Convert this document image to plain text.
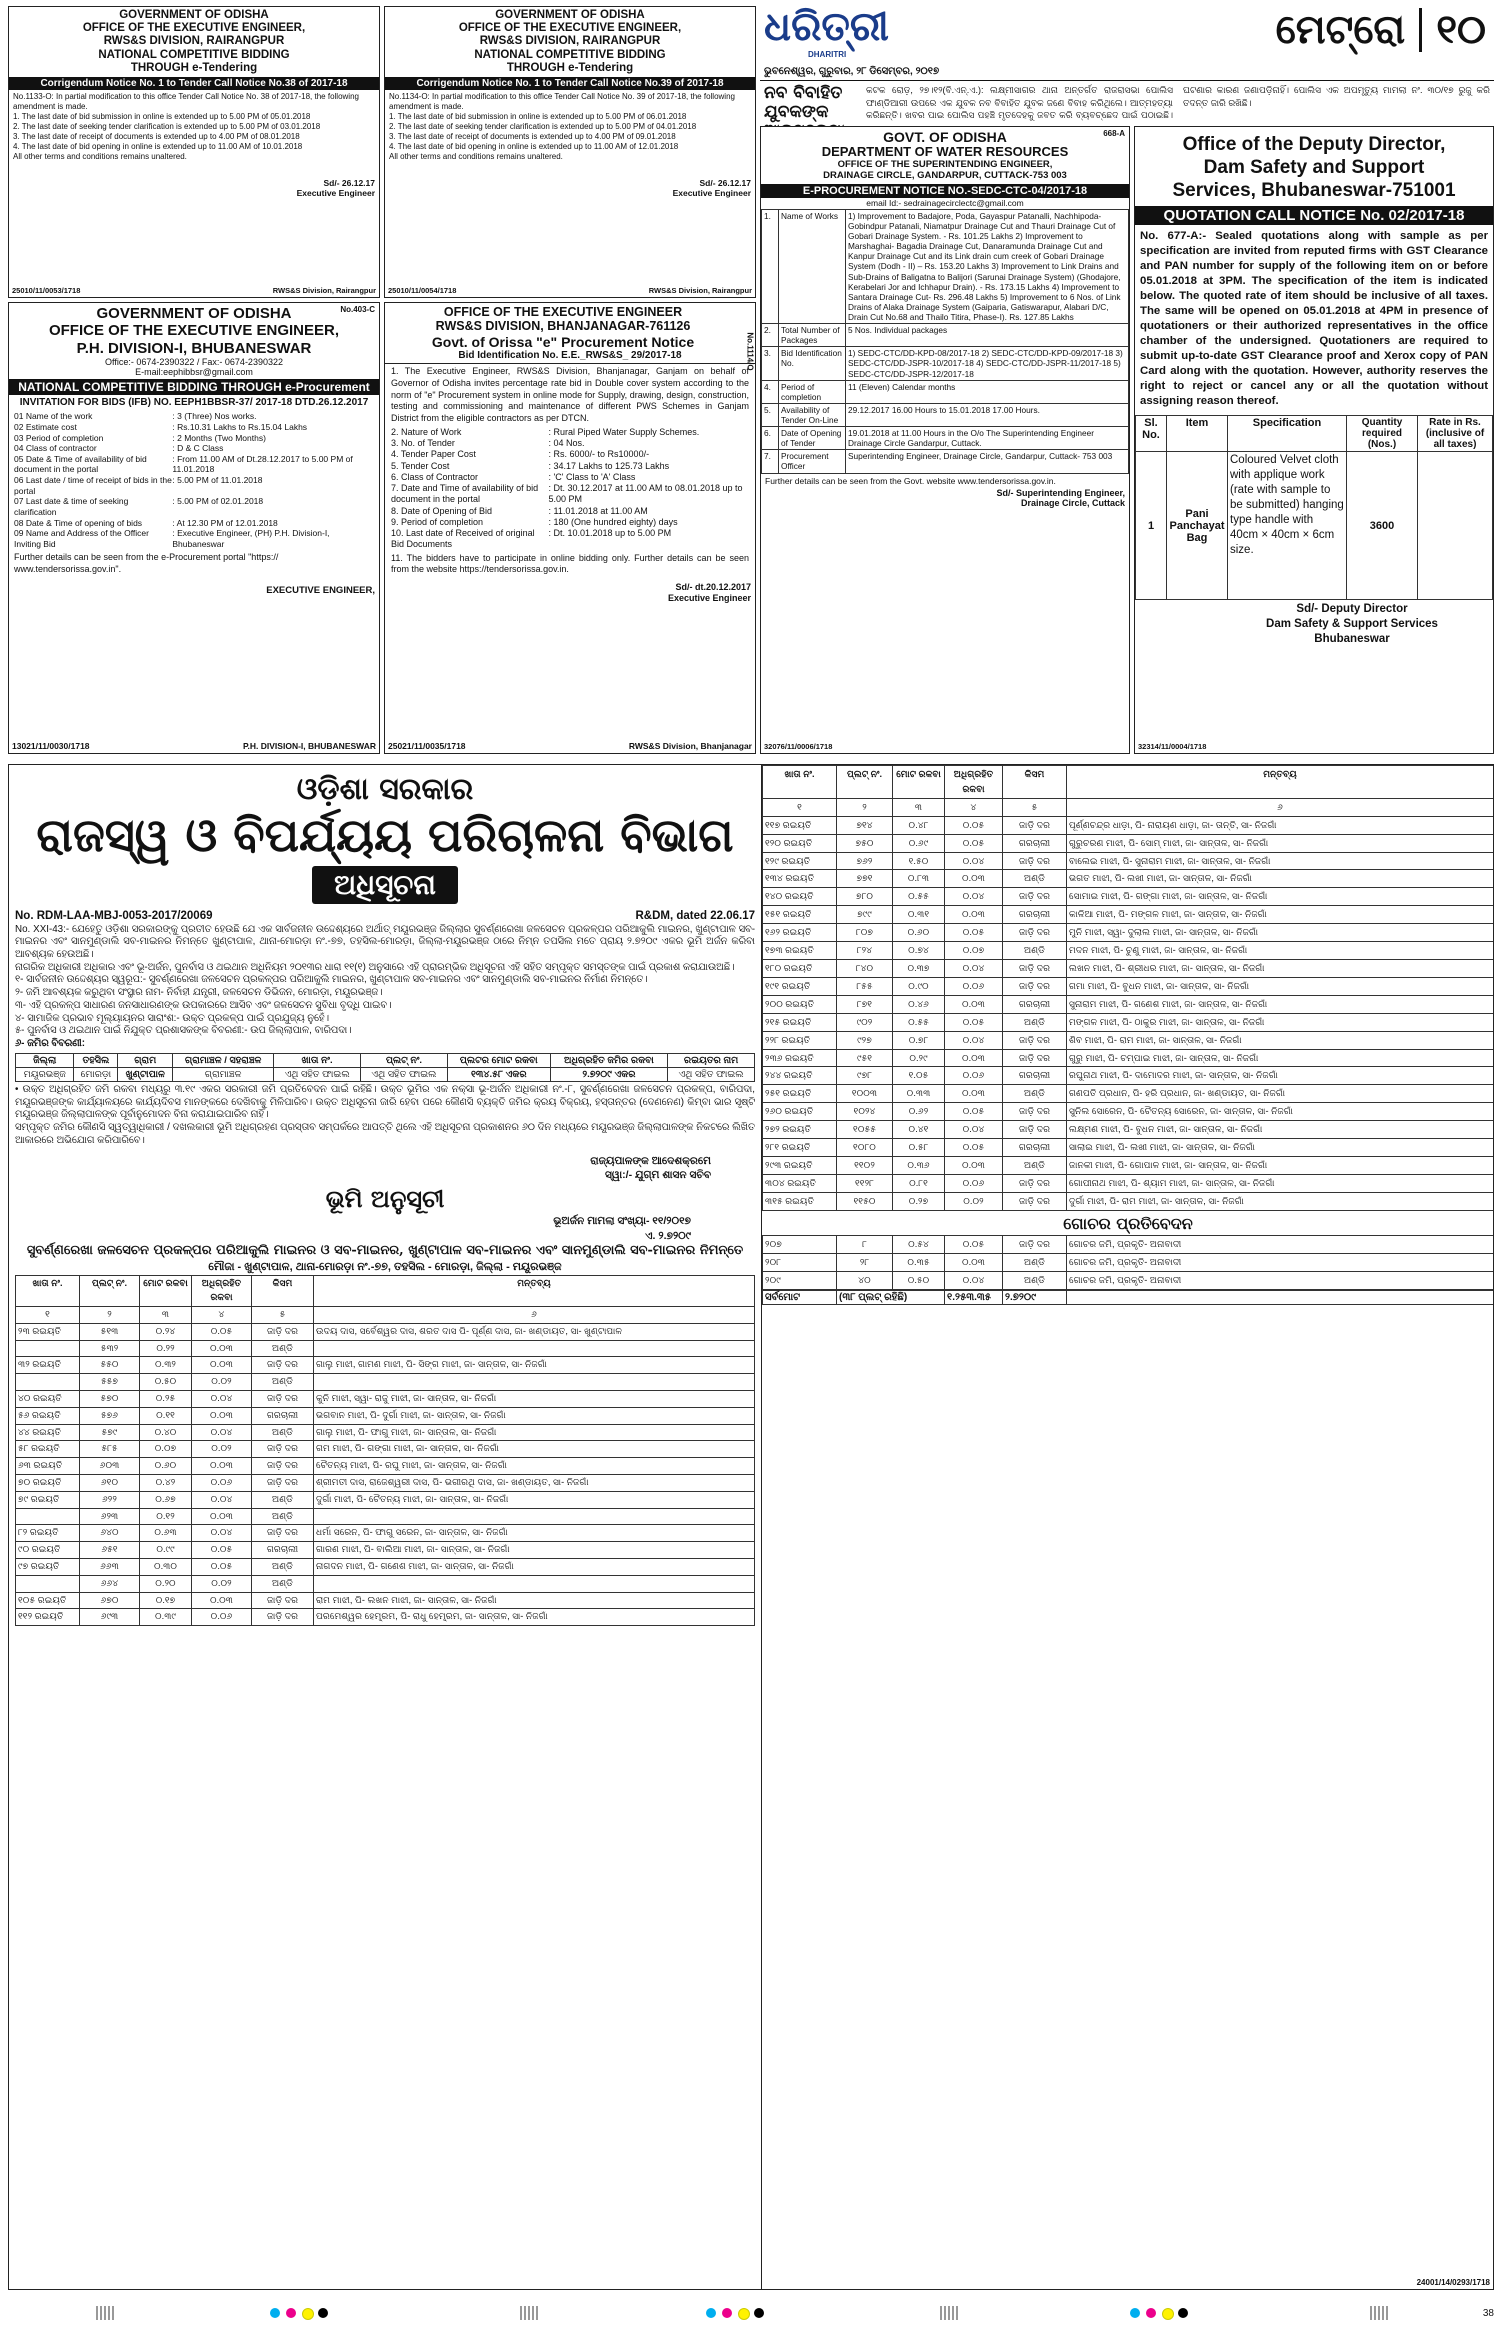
GOVERNMENT OF ODISHA
OFFICE OF THE EXECUTIVE ENGINEER,
RWS&S DIVISION, RAIRANGPUR
NATIONAL COMPETITIVE BIDDING
THROUGH e-Tendering
Corrigendum Notice No. 1 to Tender Call Notice No.38 of 2017-18
No.1133-O: In partial modification to this office Tender Call Notice No. 38 of 2017-18, the following amendment is made.
1. The last date of bid submission in online is extended up to 5.00 PM of 05.01.2018
2. The last date of seeking tender clarification is extended up to 5.00 PM of 03.01.2018
3. The last date of receipt of documents is extended up to 4.00 PM of 08.01.2018
4. The last date of bid opening in online is extended up to 11.00 AM of 10.01.2018
All other terms and conditions remains unaltered.
Sd/- 26.12.17
Executive Engineer
25010/11/0053/1718	RWS&S Division, Rairangpur
GOVERNMENT OF ODISHA
OFFICE OF THE EXECUTIVE ENGINEER,
RWS&S DIVISION, RAIRANGPUR
NATIONAL COMPETITIVE BIDDING
THROUGH e-Tendering
Corrigendum Notice No. 1 to Tender Call Notice No.39 of 2017-18
No.1134-O: In partial modification to this office Tender Call Notice No. 39 of 2017-18, the following amendment is made.
1. The last date of bid submission in online is extended up to 5.00 PM of 06.01.2018
2. The last date of seeking tender clarification is extended up to 5.00 PM of 04.01.2018
3. The last date of receipt of documents is extended up to 4.00 PM of 09.01.2018
4. The last date of bid opening in online is extended up to 11.00 AM of 12.01.2018
All other terms and conditions remains unaltered.
Sd/- 26.12.17
Executive Engineer
25010/11/0054/1718	RWS&S Division, Rairangpur
ଧରିତ୍ରୀ
DHARITRI
ମେଟ୍ରୋ ୧୦
ଭୁବନେଶ୍ୱର, ଗୁରୁବାର, ୨୮ ଡିସେମ୍ବର, ୨୦୧୭
ନବ ବିବାହିତ ଯୁବକଙ୍କ
କଟକ ରୋଡ଼, ୨୭।୧୨(ବି.ଏନ୍.ଏ.): ଲକ୍ଷ୍ମୀସାଗର ଥାନା ଅନ୍ତର୍ଗତ ରାଜରାସଭା ପୋଲିସ ଫାଣ୍ଡିଆରୀ ଉପରେ ଏକ ଯୁବକ ନବ ବିବାହିତ ଯୁବକ ଜଣେ ବିବାହ କରିଥିଲେ। ଆତ୍ମହତ୍ୟା କରିଛନ୍ତି। ଖବର ପାଇ ପୋଲିସ ପହଞ୍ଚି ମୃତଦେହକୁ ଜବତ କରି ବ୍ୟବଚ୍ଛେଦ ପାଇଁ ପଠାଇଛି। ଘଟଣାର କାରଣ ଜଣାପଡ଼ିନାହିଁ। ପୋଲିସ ଏକ ଅପମୃତ୍ୟୁ ମାମଲା ନଂ. ୩୦/୧୭ ରୁଜୁ କରି ତଦନ୍ତ ଜାରି ରଖିଛି।
No.403-C
GOVERNMENT OF ODISHA
OFFICE OF THE EXECUTIVE ENGINEER,
P.H. DIVISION-I, BHUBANESWAR
Office:- 0674-2390322 / Fax:- 0674-2390322
E-mail:eephibbsr@gmail.com
NATIONAL COMPETITIVE BIDDING THROUGH e-Procurement
INVITATION FOR BIDS (IFB) NO. EEPH1BBSR-37/ 2017-18 DTD.26.12.2017
01 Name of the work	: 3 (Three) Nos works.
02 Estimate cost	: Rs.10.31 Lakhs to Rs.15.04 Lakhs
03 Period of completion	: 2 Months (Two Months)
04 Class of contractor	: D & C Class
05 Date & Time of availability of bid document in the portal
: From 11.00 AM of Dt.28.12.2017 to 5.00 PM of 11.01.2018
06 Last date / time of receipt of bids in the portal
: 5.00 PM of 11.01.2018
07 Last date & time of seeking clarification
: 5.00 PM of 02.01.2018
08 Date & Time of opening of bids	: At 12.30 PM of 12.01.2018
09 Name and Address of the Officer Inviting Bid
: Executive Engineer, (PH) P.H. Division-I, Bhubaneswar
Further details can be seen from the e-Procurement portal "https:// www.tendersorissa.gov.in".
EXECUTIVE ENGINEER,
13021/11/0030/1718	P.H. DIVISION-I, BHUBANESWAR
OFFICE OF THE EXECUTIVE ENGINEER
RWS&S DIVISION, BHANJANAGAR-761126
Govt. of Orissa "e" Procurement Notice	No.1114/O
Bid Identification No. E.E._RWS&S_ 29/2017-18
1. The Executive Engineer, RWS&S Division, Bhanjanagar, Ganjam on behalf of Governor of Odisha invites percentage rate bid in Double cover system according to the norm of "e" Procurement system in online mode for Supply, drawing, design, construction, testing and commissioning and maintenance of different PWS Schemes in Ganjam District from the eligible contractors as per DTCN.
2. Nature of Work	: Rural Piped Water Supply Schemes.
3. No. of Tender	: 04 Nos.
4. Tender Paper Cost	: Rs. 6000/- to Rs10000/-
5. Tender Cost	: 34.17 Lakhs to 125.73 Lakhs
6. Class of Contractor	: 'C' Class to 'A' Class
7. Date and Time of availability of bid document in the portal
: Dt. 30.12.2017 at 11.00 AM to 08.01.2018 up to 5.00 PM
8. Date of Opening of Bid	: 11.01.2018 at 11.00 AM
9. Period of completion	: 180 (One hundred eighty) days
10. Last date of Received of original Bid Documents
: Dt. 10.01.2018 up to 5.00 PM
11. The bidders have to participate in online bidding only. Further details can be seen from the website https://tendersorissa.gov.in.
Sd/- dt.20.12.2017
Executive Engineer
25021/11/0035/1718	RWS&S Division, Bhanjanagar
668-A
GOVT. OF ODISHA
DEPARTMENT OF WATER RESOURCES
OFFICE OF THE SUPERINTENDING ENGINEER,
DRAINAGE CIRCLE, GANDARPUR, CUTTACK-753 003
E-PROCUREMENT NOTICE NO.-SEDC-CTC-04/2017-18
email Id:- sedrainagecirclectc@gmail.com
1.	Name of Works	1) Improvement to Badajore, Poda, Gayaspur Patanalli, Nachhipoda-Gobindpur Patanali, Niamatpur Drainage Cut and Thauri Drainage Cut of Gobari Drainage System. - Rs. 101.25 Lakhs 2) Improvement to Marshaghai- Bagadia Drainage Cut, Danaramunda Drainage Cut and Kanpur Drainage Cut and its Link drain cum creek of Gobari Drainage System (Dodh - II) – Rs. 153.20 Lakhs 3) Improvement to Link Drains and Sub-Drains of Baligatna to Balijori (Sarunai Drainage System) (Ghodajore, Kerabelari Jor and Ichhapur Drain). - Rs. 173.15 Lakhs 4) Improvement to Santara Drainage Cut- Rs. 296.48 Lakhs 5) Improvement to 6 Nos. of Link Drains of Alaka Drainage System (Gaiparia, Gatiswarapur, Alabari D/C, Drain Cut No.68 and Thailo Titira, Phase-I). Rs. 127.85 Lakhs
2.	Total Number of Packages	5 Nos. Individual packages
3.	Bid Identification No.	1) SEDC-CTC/DD-KPD-08/2017-18 2) SEDC-CTC/DD-KPD-09/2017-18 3) SEDC-CTC/DD-JSPR-10/2017-18 4) SEDC-CTC/DD-JSPR-11/2017-18 5) SEDC-CTC/DD-JSPR-12/2017-18
4.	Period of completion	11 (Eleven) Calendar months
5.	Availability of Tender On-Line	29.12.2017 16.00 Hours to 15.01.2018 17.00 Hours.
6.	Date of Opening of Tender	19.01.2018 at 11.00 Hours in the O/o The Superintending Engineer Drainage Circle Gandarpur, Cuttack.
7.	Procurement Officer	Superintending Engineer, Drainage Circle, Gandarpur, Cuttack- 753 003
Further details can be seen from the Govt. website www.tendersorissa.gov.in.
Sd/- Superintending Engineer,
Drainage Circle, Cuttack
32076/11/0006/1718
Office of the Deputy Director,
Dam Safety and Support
Services, Bhubaneswar-751001
QUOTATION CALL NOTICE No. 02/2017-18
No. 677-A:- Sealed quotations along with sample as per specification are invited from reputed firms with GST Clearance and PAN number for supply of the following item on or before 05.01.2018 at 3PM. The specification of the item is indicated below. The quoted rate of item should be inclusive of all taxes. The same will be opened on 05.01.2018 at 4PM in presence of quotationers or their authorized representatives in the office chamber of the undersigned. Quotationers are required to submit up-to-date GST Clearance proof and Xerox copy of PAN Card along with the quotation. However, authority reserves the right to reject or cancel any or all the quotation without assigning reason thereof.
Sl. No.	Item	Specification	Quantity required (Nos.)	Rate in Rs. (inclusive of all taxes)
1	Pani Panchayat Bag	Coloured Velvet cloth with applique work (rate with sample to be submitted) hanging type handle with 40cm × 40cm × 6cm size.	3600	
Sd/- Deputy Director
Dam Safety & Support Services
Bhubaneswar
32314/11/0004/1718
ଓଡ଼ିଶା ସରକାର
ରାଜସ୍ୱ ଓ ବିପର୍ଯ୍ୟୟ ପରିଚାଳନା ବିଭାଗ
ଅଧିସୂଚନା
No. RDM-LAA-MBJ-0053-2017/20069	R&DM, dated 22.06.17
No. XXI-43:- ଯେହେତୁ ଓଡ଼ିଶା ସରକାରଙ୍କୁ ପ୍ରତୀତ ହେଉଛି ଯେ ଏକ ସାର୍ବଜନୀନ ଉଦ୍ଦେଶ୍ୟରେ ଅର୍ଥାତ୍ ମୟୂରଭଞ୍ଜ ଜିଲ୍ଲାର ସୁବର୍ଣ୍ଣରେଖା ଜଳସେଚନ ପ୍ରକଳ୍ପର ପରିଆକୁଲି ମାଇନର, ଖୁଣ୍ଟାପାଳ ସବ-ମାଇନର ଏବଂ ସାନମୁଣ୍ଡାଲି ସବ-ମାଇନର ନିମନ୍ତେ ଖୁଣ୍ଟାପାଳ, ଥାନା-ମୋରଡ଼ା ନଂ.-୭୭, ତହସିଲ-ମୋରଡ଼ା, ଜିଲ୍ଲା-ମୟୂରଭଞ୍ଜ ଠାରେ ନିମ୍ନ ତପସିଲ ମତେ ପ୍ରାୟ ୨.୭୨୦୯ ଏକର ଭୂମି ଅର୍ଜନ କରିବା ଆବଶ୍ୟକ ହେଉଅଛି।
ନାଗରିକ ଅଧିକାରୀ ଅଧିକାର ଏବଂ ଭୂ-ଅର୍ଜନ, ପୁନର୍ବାସ ଓ ଥଇଥାନ ଅଧିନିୟମ ୨୦୧୩ର ଧାରା ୧୧(୧) ଅନୁସାରେ ଏହି ପ୍ରାରମ୍ଭିକ ଅଧିସୂଚନା ଏହି ସହିତ ସମ୍ପୃକ୍ତ ସମସ୍ତଙ୍କ ପାଇଁ ପ୍ରକାଶ କରାଯାଉଅଛି।
୧- ସାର୍ବଜନୀନ ଉଦ୍ଦେଶ୍ୟର ସ୍ୱରୂପ:- ସୁବର୍ଣ୍ଣରେଖା ଜଳସେଚନ ପ୍ରକଳ୍ପର ପରିଆକୁଲି ମାଇନର, ଖୁଣ୍ଟାପାଳ ସବ-ମାଇନର ଏବଂ ସାନମୁଣ୍ଡାଲି ସବ-ମାଇନର ନିର୍ମାଣ ନିମନ୍ତେ।
୨- ଜମି ଆବଶ୍ୟକ କରୁଥିବା ସଂସ୍ଥାର ନାମ- ନିର୍ବାହୀ ଯନ୍ତ୍ରୀ, ଜଳସେଚନ ଡିଭିଜନ, ମୋରଡ଼ା, ମୟୂରଭଞ୍ଜ।
୩- ଏହି ପ୍ରକଳ୍ପ ସାଧାରଣ ଜନସାଧାରଣଙ୍କ ଉପକାରରେ ଆସିବ ଏବଂ ଜଳସେଚନ ସୁବିଧା ବୃଦ୍ଧି ପାଇବ।
୪- ସାମାଜିକ ପ୍ରଭାବ ମୂଲ୍ୟାୟନର ସାରାଂଶ:- ଉକ୍ତ ପ୍ରକଳ୍ପ ପାଇଁ ପ୍ରଯୁଜ୍ୟ ନୁହେଁ।
୫- ପୁନର୍ବାସ ଓ ଥଇଥାନ ପାଇଁ ନିଯୁକ୍ତ ପ୍ରଶାସକଙ୍କ ବିବରଣୀ:- ଉପ ଜିଲ୍ଲାପାଳ, ବାରିପଦା।
୬- ଜମିର ବିବରଣୀ:
ଜିଲ୍ଲା	ତହସିଲ	ଗ୍ରାମ	ଗ୍ରାମାଞ୍ଚଳ / ସହରାଞ୍ଚଳ	ଖାତା ନଂ.	ପ୍ଲଟ୍ ନଂ.	ପ୍ଲଟର ମୋଟ ରକବା	ଅଧିଗ୍ରହିତ ଜମିର ରକବା	ରଇୟତର ନାମ
ମୟୂରଭଞ୍ଜ	ମୋରଡ଼ା	ଖୁଣ୍ଟାପାଳ	ଗ୍ରାମାଞ୍ଚଳ	ଏଥି ସହିତ ଫାଇଲ	ଏଥି ସହିତ ଫାଇଲ	୧୩୪.୫୮ ଏକର	୨.୭୨୦୯ ଏକର	ଏଥି ସହିତ ଫାଇଲ
• ଉକ୍ତ ଅଧିଗ୍ରହିତ ଜମି ରକବା ମଧ୍ୟରୁ ୩.୧୯ ଏକର ସରକାରୀ ଜମି ପ୍ରତିବେଦନ ପାଇଁ ରହିଛି। ଉକ୍ତ ଭୂମିର ଏକ ନକ୍ସା ଭୂ-ଅର୍ଜନ ଅଧିକାରୀ ନଂ.-୮, ସୁବର୍ଣ୍ଣରେଖା ଜଳସେଚନ ପ୍ରକଳ୍ପ, ବାରିପଦା, ମୟୂରଭଞ୍ଜଙ୍କ କାର୍ଯ୍ୟାଳୟରେ କାର୍ଯ୍ୟଦିବସ ମାନଙ୍କରେ ଦେଖିବାକୁ ମିଳିପାରିବ। ଉକ୍ତ ଅଧିସୂଚନା ଜାରି ହେବା ପରେ କୌଣସି ବ୍ୟକ୍ତି ଜମିର କ୍ରୟ ବିକ୍ରୟ, ହସ୍ତାନ୍ତର (ଦେଣନେଣ) କିମ୍ବା ଭାର ସୃଷ୍ଟି ମୟୂରଭଞ୍ଜ ଜିଲ୍ଲାପାଳଙ୍କ ପୂର୍ବାନୁମୋଦନ ବିନା କରାଯାଇପାରିବ ନାହିଁ।
ସମ୍ପୃକ୍ତ ଜମିର କୌଣସି ସ୍ୱତ୍ୱାଧିକାରୀ / ଦଖଲକାରୀ ଭୂମି ଅଧିଗ୍ରହଣ ପ୍ରସ୍ତାବ ସମ୍ପର୍କରେ ଆପତ୍ତି ଥିଲେ ଏହି ଅଧିସୂଚନା ପ୍ରକାଶନର ୬୦ ଦିନ ମଧ୍ୟରେ ମୟୂରଭଞ୍ଜ ଜିଲ୍ଲାପାଳଙ୍କ ନିକଟରେ ଲିଖିତ ଆକାରରେ ଅଭିଯୋଗ କରିପାରିବେ।
ରାଜ୍ୟପାଳଙ୍କ ଆଦେଶକ୍ରମେ
ସ୍ୱା:/- ଯୁଗ୍ମ ଶାସନ ସଚିବ
ଭୂମି ଅନୁସୂଚୀ
ଭୂଅର୍ଜନ ମାମଲା ସଂଖ୍ୟା- ୧୧/୨୦୧୭
ଏ. ୨.୭୨୦୯
ସୁବର୍ଣ୍ଣରେଖା ଜଳସେଚନ ପ୍ରକଳ୍ପର ପରିଆକୁଲି ମାଇନର ଓ ସବ-ମାଇନର, ଖୁଣ୍ଟାପାଳ ସବ-ମାଇନର ଏବଂ ସାନମୁଣ୍ଡାଲି ସବ-ମାଇନର ନିମନ୍ତେ
ମୌଜା - ଖୁଣ୍ଟାପାଳ, ଥାନା-ମୋରଡ଼ା ନଂ.-୭୭, ତହସିଲ - ମୋରଡ଼ା, ଜିଲ୍ଲା - ମୟୂରଭଞ୍ଜ
ଖାତା ନଂ.	ପ୍ଲଟ୍ ନଂ.	ମୋଟ ରକବା	ଅଧିଗ୍ରହିତ ରକବା	କିସମ	ମନ୍ତବ୍ୟ
୧	୨	୩	୪	୫	୬
୨୩ ରଇୟତି	୫୧୩	୦.୨୪	୦.୦୫	ଜାଡ଼ି ଦର	ଉଦୟ ଦାସ, ସର୍ବେଶ୍ୱର ଦାସ, ଶରତ ଦାସ ପି- ପୂର୍ଣ୍ଣ ଦାସ, ଜା- ଖଣ୍ଡାୟତ, ସା- ଖୁଣ୍ଟାପାଳ
	୫୩୨	୦.୨୨	୦.୦୩	ଅଣ୍ଡି	
୩୨ ରଇୟତି	୫୫୦	୦.୩୨	୦.୦୩	ଜାଡ଼ି ଦର	ଗାଲୁ ମାଝୀ, ଗାମଣ ମାଝୀ, ପି- ସିଙ୍ଗ ମାଝୀ, ଜା- ସାନ୍ତାଳ, ସା- ନିଜଗାଁ
	୫୫୭	୦.୫୦	୦.୦୨	ଅଣ୍ଡି	
୪୦ ରଇୟତି	୫୭୦	୦.୨୫	୦.୦୪	ଜାଡ଼ି ଦର	କୁନି ମାଝୀ, ସ୍ୱା- ରାଜୁ ମାଝୀ, ଜା- ସାନ୍ତାଳ, ସା- ନିଜଗାଁ
୫୬ ରଇୟତି	୫୭୬	୦.୧୧	୦.୦୩	ଗରଚାଲୀ	ଭଗବାନ ମାଝୀ, ପି- ଦୁର୍ଗା ମାଝୀ, ଜା- ସାନ୍ତାଳ, ସା- ନିଜଗାଁ
୪୪ ରଇୟତି	୫୭୯	୦.୪୦	୦.୦୪	ଅଣ୍ଡି	ଗାଲୁ ମାଝୀ, ପି- ଫାଗୁ ମାଝୀ, ଜା- ସାନ୍ତାଳ, ସା- ନିଜଗାଁ
୫୮ ରଇୟତି	୫୮୫	୦.୦୭	୦.୦୨	ଜାଡ଼ି ଦର	ଗମ ମାଝୀ, ପି- ଗଙ୍ଗା ମାଝୀ, ଜା- ସାନ୍ତାଳ, ସା- ନିଜଗାଁ
୬୩ ରଇୟତି	୬୦୩	୦.୬୦	୦.୦୩	ଜାଡ଼ି ଦର	ଚୈତନ୍ୟ ମାଝୀ, ପି- ରଘୁ ମାଝୀ, ଜା- ସାନ୍ତାଳ, ସା- ନିଜଗାଁ
୭୦ ରଇୟତି	୬୧୦	୦.୪୨	୦.୦୬	ଜାଡ଼ି ଦର	ଶ୍ରୀମତୀ ଦାସ, ରାଜେଶ୍ୱରୀ ଦାସ, ପି- ଭଗୀରଥି ଦାସ, ଜା- ଖଣ୍ଡାୟତ, ସା- ନିଜଗାଁ
୭୯ ରଇୟତି	୬୨୨	୦.୬୭	୦.୦୪	ଅଣ୍ଡି	ଦୁର୍ଗା ମାଝୀ, ପି- ଚୈତନ୍ୟ ମାଝୀ, ଜା- ସାନ୍ତାଳ, ସା- ନିଜଗାଁ
	୬୨୩	୦.୧୨	୦.୦୩	ଅଣ୍ଡି	
୮୨ ରଇୟତି	୬୪୦	୦.୬୩	୦.୦୪	ଜାଡ଼ି ଦର	ଧର୍ମା ସରେନ, ପି- ଫାଗୁ ସରେନ, ଜା- ସାନ୍ତାଳ, ସା- ନିଜଗାଁ
୯୦ ରଇୟତି	୬୫୧	୦.୯୯	୦.୦୫	ଗରଚାଲୀ	ଗାରଣ ମାଝୀ, ପି- ବାଲିଆ ମାଝୀ, ଜା- ସାନ୍ତାଳ, ସା- ନିଜଗାଁ
୯୭ ରଇୟତି	୬୬୩	୦.୩୦	୦.୦୫	ଅଣ୍ଡି	ନାଗଦନ ମାଝୀ, ପି- ଗଣେଶ ମାଝୀ, ଜା- ସାନ୍ତାଳ, ସା- ନିଜଗାଁ
	୬୬୪	୦.୨୦	୦.୦୨	ଅଣ୍ଡି	
୧୦୫ ରଇୟତି	୬୭୦	୦.୧୭	୦.୦୩	ଜାଡ଼ି ଦର	ରାମ ମାଝୀ, ପି- ଲଖନ ମାଝୀ, ଜା- ସାନ୍ତାଳ, ସା- ନିଜଗାଁ
୧୧୨ ରଇୟତି	୬୯୩	୦.୩୯	୦.୦୬	ଜାଡ଼ି ଦର	ପରମେଶ୍ୱର ହେମ୍ବ୍ରମ, ପି- ରାଧୁ ହେମ୍ବ୍ରମ, ଜା- ସାନ୍ତାଳ, ସା- ନିଜଗାଁ
ଖାତା ନଂ.	ପ୍ଲଟ୍ ନଂ.	ମୋଟ ରକବା	ଅଧିଗ୍ରହିତ ରକବା	କିସମ	ମନ୍ତବ୍ୟ
୧	୨	୩	୪	୫	୬
୧୧୭ ରଇୟତି	୭୧୪	୦.୪୮	୦.୦୫	ଜାଡ଼ି ଦର	ପୂର୍ଣ୍ଣଚନ୍ଦ୍ର ଧାଡ଼ା, ପି- ନାରାୟଣ ଧାଡ଼ା, ଜା- ତାନ୍ତି, ସା- ନିଜଗାଁ
୧୨୦ ରଇୟତି	୭୫୦	୦.୬୯	୦.୦୫	ଗରଚାଲୀ	ଗୁରୁଚରଣ ମାଝୀ, ପି- ସୋମ୍ ମାଝୀ, ଜା- ସାନ୍ତାଳ, ସା- ନିଜଗାଁ
୧୨୯ ରଇୟତି	୭୬୨	୧.୫୦	୦.୦୪	ଜାଡ଼ି ଦର	ବାଲେଇ ମାଝୀ, ପି- ସୁନାରାମ ମାଝୀ, ଜା- ସାନ୍ତାଳ, ସା- ନିଜଗାଁ
୧୩୪ ରଇୟତି	୭୭୧	୦.୮୩	୦.୦୩	ଅଣ୍ଡି	ଭଗତ ମାଝୀ, ପି- ଲଖୀ ମାଝୀ, ଜା- ସାନ୍ତାଳ, ସା- ନିଜଗାଁ
୧୪୦ ରଇୟତି	୭୮୦	୦.୫୫	୦.୦୪	ଜାଡ଼ି ଦର	ସୋମାଇ ମାଝୀ, ପି- ଗଙ୍ଗା ମାଝୀ, ଜା- ସାନ୍ତାଳ, ସା- ନିଜଗାଁ
୧୫୧ ରଇୟତି	୭୯୯	୦.୩୧	୦.୦୩	ଗରଚାଲୀ	କାଳିଆ ମାଝୀ, ପି- ମଙ୍ଗଳ ମାଝୀ, ଜା- ସାନ୍ତାଳ, ସା- ନିଜଗାଁ
୧୬୨ ରଇୟତି	୮୦୭	୦.୬୦	୦.୦୫	ଜାଡ଼ି ଦର	ମୁନି ମାଝୀ, ସ୍ୱା- ଦୁଲାଲ ମାଝୀ, ଜା- ସାନ୍ତାଳ, ସା- ନିଜଗାଁ
୧୭୩ ରଇୟତି	୮୨୪	୦.୭୪	୦.୦୭	ଅଣ୍ଡି	ମଦନ ମାଝୀ, ପି- ଚୁଣୁ ମାଝୀ, ଜା- ସାନ୍ତାଳ, ସା- ନିଜଗାଁ
୧୮୦ ରଇୟତି	୮୪୦	୦.୩୭	୦.୦୪	ଜାଡ଼ି ଦର	ଲଖନ ମାଝୀ, ପି- ଶ୍ରୀଧର ମାଝୀ, ଜା- ସାନ୍ତାଳ, ସା- ନିଜଗାଁ
୧୯୧ ରଇୟତି	୮୫୫	୦.୯୦	୦.୦୬	ଜାଡ଼ି ଦର	ଗମା ମାଝୀ, ପି- ବୁଧନ ମାଝୀ, ଜା- ସାନ୍ତାଳ, ସା- ନିଜଗାଁ
୨୦୦ ରଇୟତି	୮୭୧	୦.୪୬	୦.୦୩	ଗରଚାଲୀ	ସୁନାରାମ ମାଝୀ, ପି- ଗଣେଶ ମାଝୀ, ଜା- ସାନ୍ତାଳ, ସା- ନିଜଗାଁ
୨୧୫ ରଇୟତି	୯୦୨	୦.୫୫	୦.୦୫	ଅଣ୍ଡି	ମଙ୍ଗଳ ମାଝୀ, ପି- ଠାକୁର ମାଝୀ, ଜା- ସାନ୍ତାଳ, ସା- ନିଜଗାଁ
୨୨୮ ରଇୟତି	୯୨୭	୦.୭୮	୦.୦୪	ଜାଡ଼ି ଦର	ଶିବ ମାଝୀ, ପି- ରାମ ମାଝୀ, ଜା- ସାନ୍ତାଳ, ସା- ନିଜଗାଁ
୨୩୬ ରଇୟତି	୯୫୧	୦.୨୯	୦.୦୩	ଜାଡ଼ି ଦର	ଗୁରୁ ମାଝୀ, ପି- ଚମ୍ପାଇ ମାଝୀ, ଜା- ସାନ୍ତାଳ, ସା- ନିଜଗାଁ
୨୪୪ ରଇୟତି	୯୭୮	୧.୦୫	୦.୦୬	ଗରଚାଲୀ	ରଘୁନାଥ ମାଝୀ, ପି- ଦାମୋଦର ମାଝୀ, ଜା- ସାନ୍ତାଳ, ସା- ନିଜଗାଁ
୨୫୧ ରଇୟତି	୧୦୦୩	୦.୩୩	୦.୦୩	ଅଣ୍ଡି	ଗଣପତି ପ୍ରଧାନ, ପି- ହରି ପ୍ରଧାନ, ଜା- ଖଣ୍ଡାୟତ, ସା- ନିଜଗାଁ
୨୬୦ ରଇୟତି	୧୦୨୪	୦.୬୨	୦.୦୫	ଜାଡ଼ି ଦର	ସୁନିଲ ସୋରେନ, ପି- ଚୈତନ୍ୟ ସୋରେନ, ଜା- ସାନ୍ତାଳ, ସା- ନିଜଗାଁ
୨୭୨ ରଇୟତି	୧୦୫୫	୦.୪୧	୦.୦୪	ଜାଡ଼ି ଦର	ଲକ୍ଷ୍ମଣ ମାଝୀ, ପି- ବୁଧନ ମାଝୀ, ଜା- ସାନ୍ତାଳ, ସା- ନିଜଗାଁ
୨୮୧ ରଇୟତି	୧୦୮୦	୦.୫୮	୦.୦୫	ଗରଚାଲୀ	ସାଲାଇ ମାଝୀ, ପି- ଲଖୀ ମାଝୀ, ଜା- ସାନ୍ତାଳ, ସା- ନିଜଗାଁ
୨୯୩ ରଇୟତି	୧୧୦୨	୦.୩୬	୦.୦୩	ଅଣ୍ଡି	ଜାନକୀ ମାଝୀ, ପି- ଗୋପାଳ ମାଝୀ, ଜା- ସାନ୍ତାଳ, ସା- ନିଜଗାଁ
୩୦୪ ରଇୟତି	୧୧୨୮	୦.୮୧	୦.୦୬	ଜାଡ଼ି ଦର	ଗୋପୀନାଥ ମାଝୀ, ପି- ଶ୍ୟାମ ମାଝୀ, ଜା- ସାନ୍ତାଳ, ସା- ନିଜଗାଁ
୩୧୫ ରଇୟତି	୧୧୫୦	୦.୨୭	୦.୦୨	ଜାଡ଼ି ଦର	ଦୁର୍ଗା ମାଝୀ, ପି- ରାମ ମାଝୀ, ଜା- ସାନ୍ତାଳ, ସା- ନିଜଗାଁ
ଗୋଚର ପ୍ରତିବେଦନ
୨୦୭	୮	୦.୫୪	୦.୦୫	ଜାଡ଼ି ଦର	ଗୋଚର ଜମି, ପ୍ରକୃତି- ଅନାବାଦୀ
୨୦୮	୨୮	୦.୩୫	୦.୦୩	ଅଣ୍ଡି	ଗୋଚର ଜମି, ପ୍ରକୃତି- ଅନାବାଦୀ
୨୦୯	୪୦	୦.୫୦	୦.୦୪	ଅଣ୍ଡି	ଗୋଚର ଜମି, ପ୍ରକୃତି- ଅନାବାଦୀ
ସର୍ବମୋଟ	(୩୮ ପ୍ଲଟ୍ ରହିଛି)	୧.୨୫୩.୩୫	୨.୭୨୦୯	
24001/14/0293/1718
38
